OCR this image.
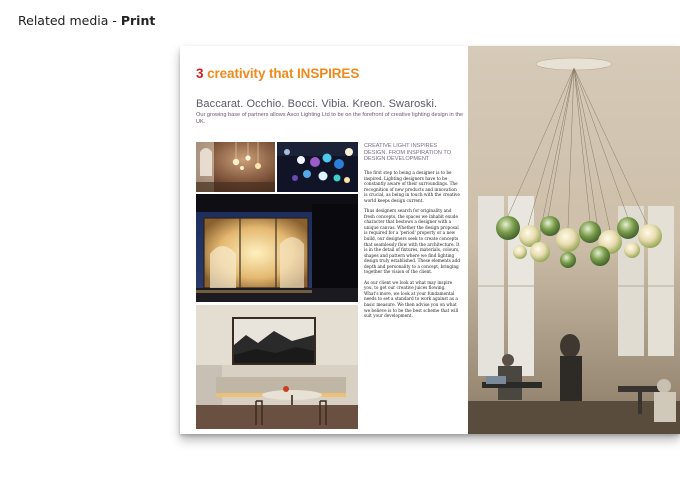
Related media - Print
3 creativity that INSPIRES
Baccarat. Occhio. Bocci. Vibia. Kreon. Swaroski.
Our growing base of partners allows Asco Lighting Ltd to be on the forefront of creative lighting design in the UK.
CREATIVE LIGHT INSPIRES DESIGN. FROM INSPIRATION TO DESIGN DEVELOPMENT

The first step to being a designer is to be inspired. Lighting designers have to be constantly aware of their surroundings. The recognition of new products and innovation is crucial, as being in touch with the creative world keeps design current.

Thus designers search for originality and fresh concepts, the spaces we inhabit exude character that bestows a designer with a unique canvas. Whether the design proposal is required for a 'period' property or a new build, our designers seek to create concepts that seamlessly flow with the architecture. It is in the detail of fixtures, materials, colours, shapes and pattern where we find lighting design truly established. These elements add depth and personality to a concept, bringing together the vision of the client.

As our client we look at what may inspire you, to get our creative juices flowing. What's more, we look at your fundamental needs to set a standard to work against as a basic measure. We then advise you on what we believe is to be the best scheme that will suit your development.
